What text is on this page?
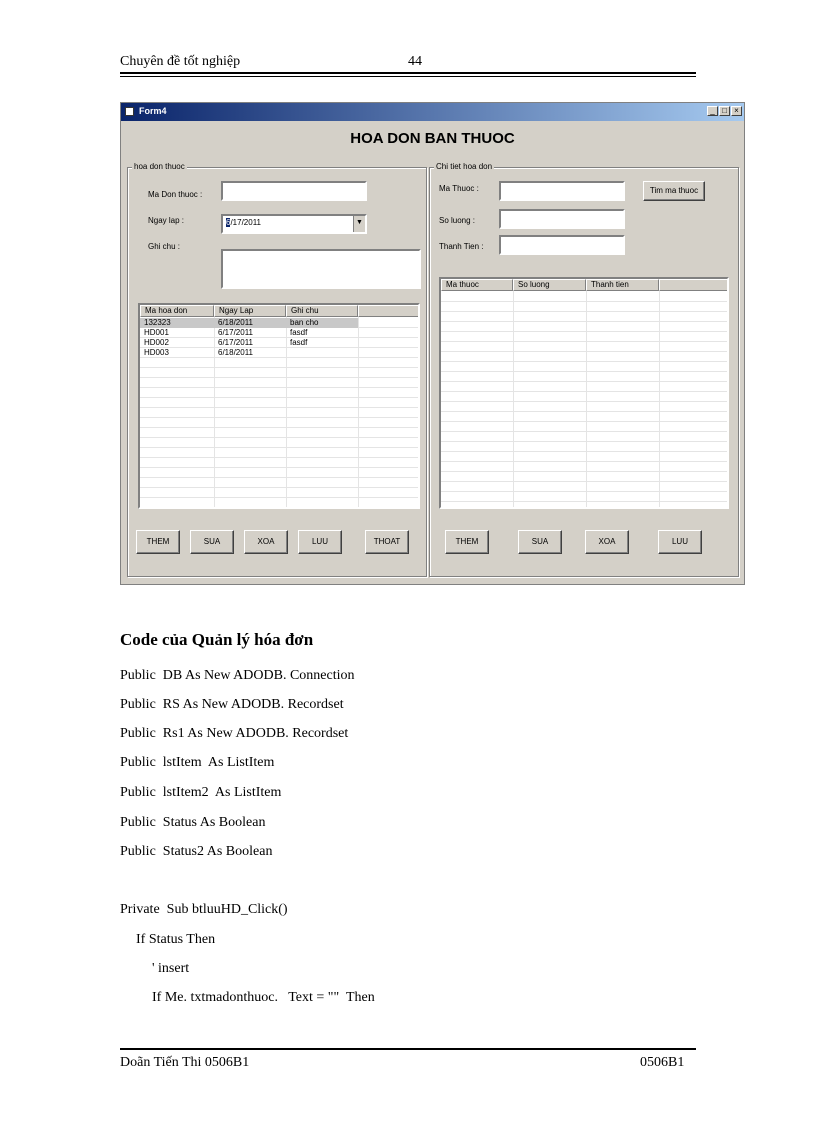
Chuyên đề tốt nghiệp	44
Form4	_ □ ×
HOA DON BAN THUOC
hoa don thuoc
Ma Don thuoc :
Ngay lap :	6/17/2011	▼
Ghi chu :
Ma hoa don	Ngay Lap	Ghi chu
132323	6/18/2011	ban cho
HD001	6/17/2011	fasdf
HD002	6/17/2011	fasdf
HD003	6/18/2011
THEM	SUA	XOA	LUU	THOAT
Chi tiet hoa don
Ma Thuoc :	Tim ma thuoc
So luong :
Thanh Tien :
Ma thuoc	So luong	Thanh tien
THEM	SUA	XOA	LUU
Code của Quản lý hóa đơn
Public  DB As New ADODB. Connection
Public  RS As New ADODB. Recordset
Public  Rs1 As New ADODB. Recordset
Public  lstItem  As ListItem
Public  lstItem2  As ListItem
Public  Status As Boolean
Public  Status2 As Boolean
Private  Sub btluuHD_Click()
If Status Then
' insert
If Me. txtmadonthuoc.   Text = ""  Then
Doãn Tiến Thi 0506B1	0506B1
